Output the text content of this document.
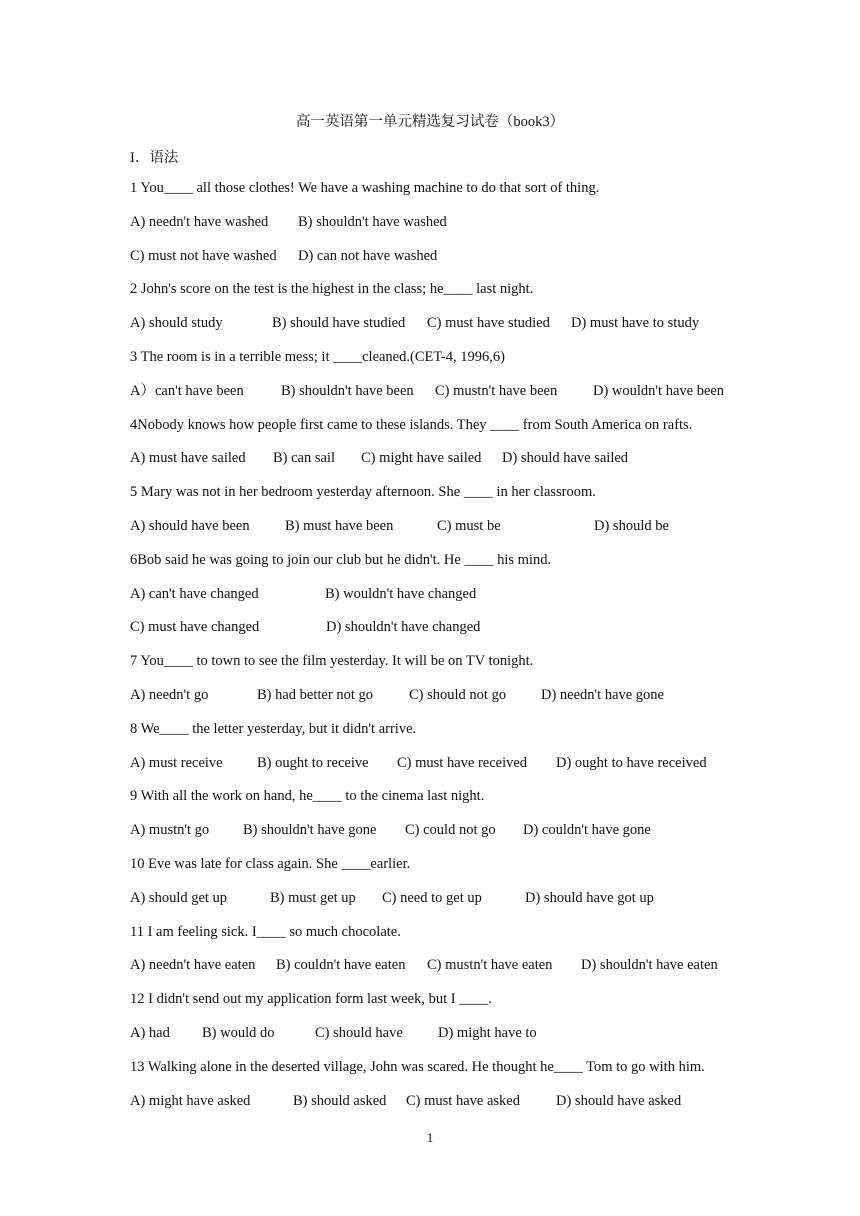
高一英语第一单元精选复习试卷（book3）
I．语法
1 You____ all those clothes! We have a washing machine to do that sort of thing.

A) needn't have washed

B) shouldn't have washed

C) must not have washed

D) can not have washed

2 John's score on the test is the highest in the class; he____ last night.

A) should study

	B) should have studied

C) must have studied

D) must have to study

3 The room is in a terrible mess; it ____cleaned.(CET-4, 1996,6)

A）can't have been

	B) shouldn't have been

C) mustn't have been

D) wouldn't have been

4Nobody knows how people first came to these islands. They ____ from South America on rafts.

A) must have sailed

B) can sail

C) might have sailed

D) should have sailed

5 Mary was not in her bedroom yesterday afternoon. She ____ in her classroom.

A) should have been

B) must have been

	C) must be

	D) should be

6Bob said he was going to join our club but he didn't. He ____ his mind.

A) can't have changed

	B) wouldn't have changed

C) must have changed

	D) shouldn't have changed

7 You____ to town to see the film yesterday. It will be on TV tonight.

A) needn't go

	B) had better not go

C) should not go

D) needn't have gone

8 We____ the letter yesterday, but it didn't arrive.

A) must receive

B) ought to receive

C) must have received

D) ought to have received

9 With all the work on hand, he____ to the cinema last night.

A) mustn't go

B) shouldn't have gone

C) could not go

D) couldn't have gone

10 Eve was late for class again. She ____earlier.

A) should get up

	B) must get up

C) need to get up

	D) should have got up

11 I am feeling sick. I____ so much chocolate.

A) needn't have eaten

B) couldn't have eaten

C) mustn't have eaten

D) shouldn't have eaten

12 I didn't send out my application form last week, but I ____.

A) had

B) would do

	C) should have

D) might have to

13 Walking alone in the deserted village, John was scared. He thought he____ Tom to go with him.

A) might have asked

	B) should asked

C) must have asked

D) should have asked

1
